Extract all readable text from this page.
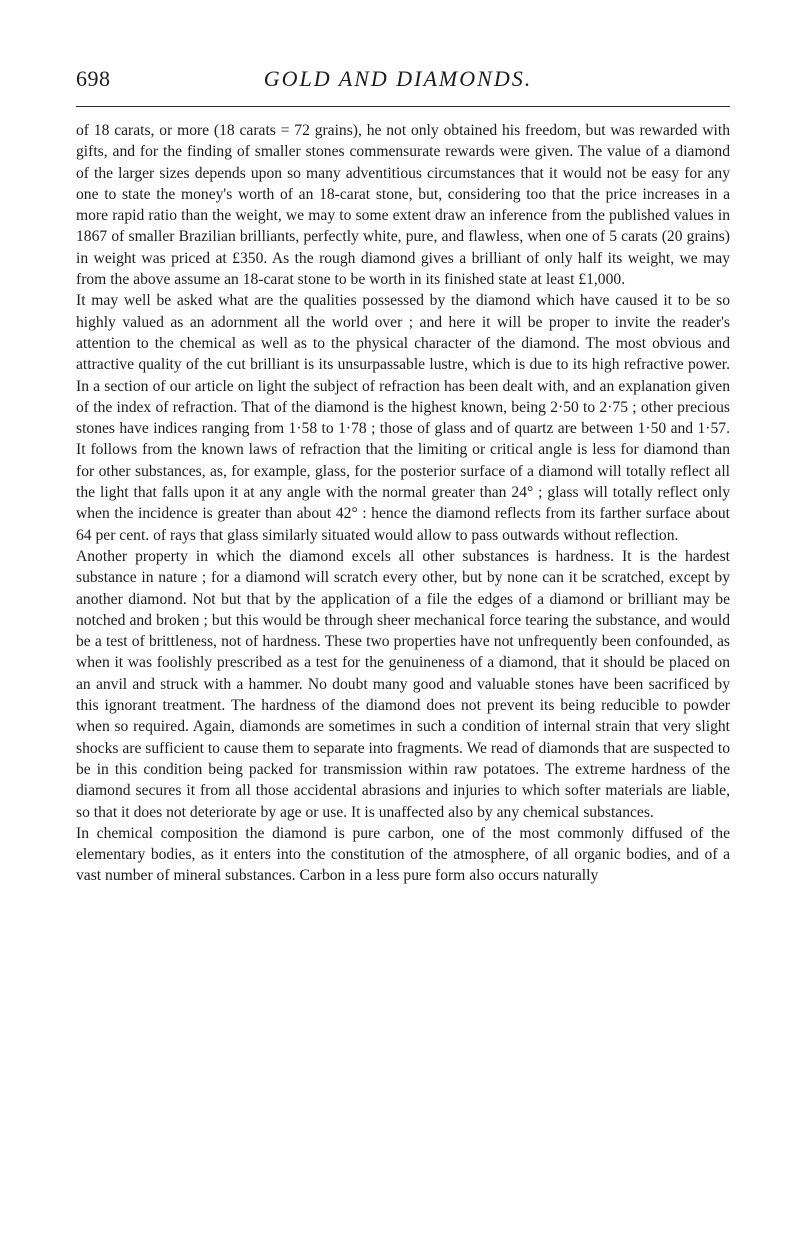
698	GOLD AND DIAMONDS.

of 18 carats, or more (18 carats = 72 grains), he not only obtained his freedom, but was rewarded with gifts, and for the finding of smaller stones commensurate rewards were given. The value of a diamond of the larger sizes depends upon so many adventitious circumstances that it would not be easy for any one to state the money's worth of an 18-carat stone, but, considering too that the price increases in a more rapid ratio than the weight, we may to some extent draw an inference from the published values in 1867 of smaller Brazilian brilliants, perfectly white, pure, and flawless, when one of 5 carats (20 grains) in weight was priced at £350. As the rough diamond gives a brilliant of only half its weight, we may from the above assume an 18-carat stone to be worth in its finished state at least £1,000.

It may well be asked what are the qualities possessed by the diamond which have caused it to be so highly valued as an adornment all the world over ; and here it will be proper to invite the reader's attention to the chemical as well as to the physical character of the diamond. The most obvious and attractive quality of the cut brilliant is its unsurpassable lustre, which is due to its high refractive power. In a section of our article on light the subject of refraction has been dealt with, and an explanation given of the index of refraction. That of the diamond is the highest known, being 2·50 to 2·75 ; other precious stones have indices ranging from 1·58 to 1·78 ; those of glass and of quartz are between 1·50 and 1·57. It follows from the known laws of refraction that the limiting or critical angle is less for diamond than for other substances, as, for example, glass, for the posterior surface of a diamond will totally reflect all the light that falls upon it at any angle with the normal greater than 24° ; glass will totally reflect only when the incidence is greater than about 42° : hence the diamond reflects from its farther surface about 64 per cent. of rays that glass similarly situated would allow to pass outwards without reflection.

Another property in which the diamond excels all other substances is hardness. It is the hardest substance in nature ; for a diamond will scratch every other, but by none can it be scratched, except by another diamond. Not but that by the application of a file the edges of a diamond or brilliant may be notched and broken ; but this would be through sheer mechanical force tearing the substance, and would be a test of brittleness, not of hardness. These two properties have not unfrequently been confounded, as when it was foolishly prescribed as a test for the genuineness of a diamond, that it should be placed on an anvil and struck with a hammer. No doubt many good and valuable stones have been sacrificed by this ignorant treatment. The hardness of the diamond does not prevent its being reducible to powder when so required. Again, diamonds are sometimes in such a condition of internal strain that very slight shocks are sufficient to cause them to separate into fragments. We read of diamonds that are suspected to be in this condition being packed for transmission within raw potatoes. The extreme hardness of the diamond secures it from all those accidental abrasions and injuries to which softer materials are liable, so that it does not deteriorate by age or use. It is unaffected also by any chemical substances.

In chemical composition the diamond is pure carbon, one of the most commonly diffused of the elementary bodies, as it enters into the constitution of the atmosphere, of all organic bodies, and of a vast number of mineral substances. Carbon in a less pure form also occurs naturally
